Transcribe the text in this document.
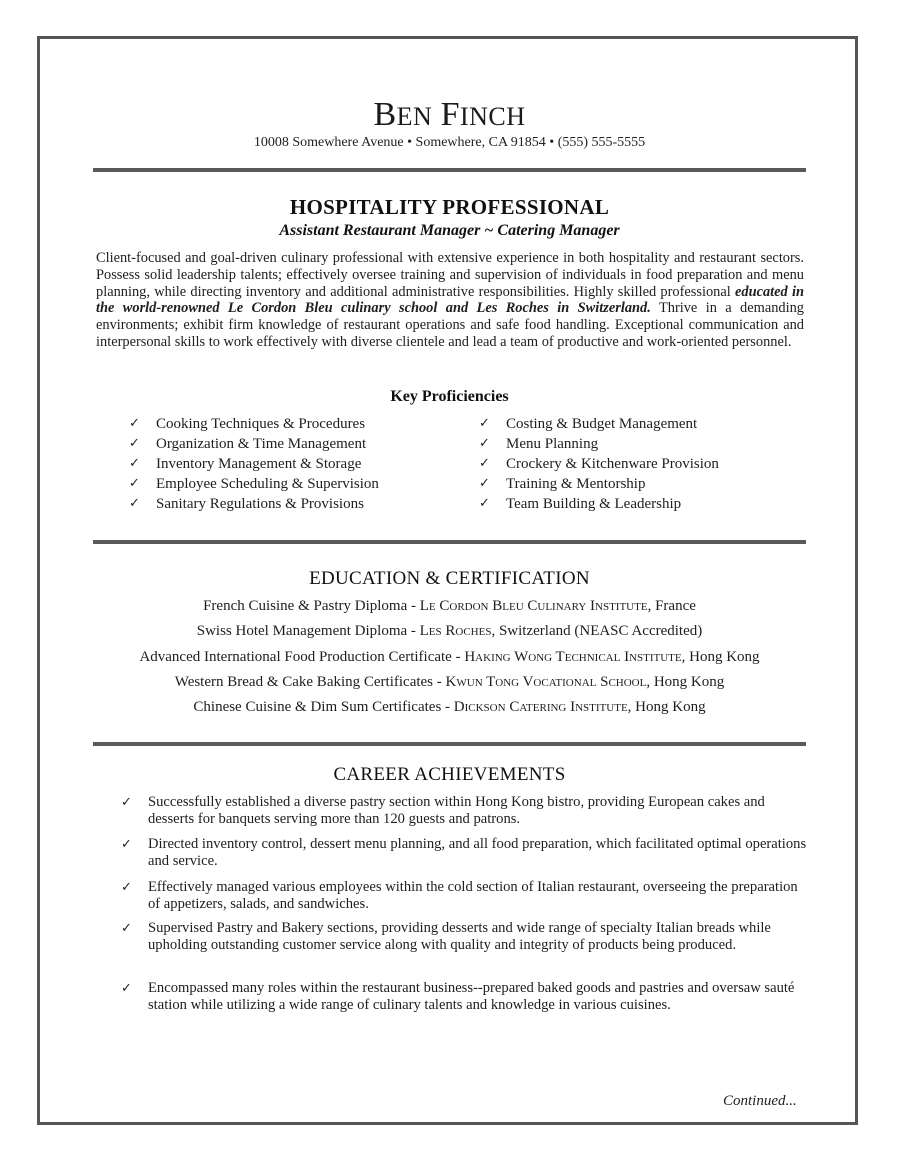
BEN FINCH
10008 Somewhere Avenue • Somewhere, CA 91854 • (555) 555-5555
HOSPITALITY PROFESSIONAL
Assistant Restaurant Manager ~ Catering Manager
Client-focused and goal-driven culinary professional with extensive experience in both hospitality and restaurant sectors. Possess solid leadership talents; effectively oversee training and supervision of individuals in food preparation and menu planning, while directing inventory and additional administrative responsibilities. Highly skilled professional educated in the world-renowned Le Cordon Bleu culinary school and Les Roches in Switzerland. Thrive in a demanding environments; exhibit firm knowledge of restaurant operations and safe food handling. Exceptional communication and interpersonal skills to work effectively with diverse clientele and lead a team of productive and work-oriented personnel.
Key Proficiencies
✓ Cooking Techniques & Procedures
✓ Organization & Time Management
✓ Inventory Management & Storage
✓ Employee Scheduling & Supervision
✓ Sanitary Regulations & Provisions
✓ Costing & Budget Management
✓ Menu Planning
✓ Crockery & Kitchenware Provision
✓ Training & Mentorship
✓ Team Building & Leadership
EDUCATION & CERTIFICATION
French Cuisine & Pastry Diploma - Le Cordon Bleu Culinary Institute, France
Swiss Hotel Management Diploma - Les Roches, Switzerland (NEASC Accredited)
Advanced International Food Production Certificate - Haking Wong Technical Institute, Hong Kong
Western Bread & Cake Baking Certificates - Kwun Tong Vocational School, Hong Kong
Chinese Cuisine & Dim Sum Certificates - Dickson Catering Institute, Hong Kong
CAREER ACHIEVEMENTS
✓ Successfully established a diverse pastry section within Hong Kong bistro, providing European cakes and desserts for banquets serving more than 120 guests and patrons.
✓ Directed inventory control, dessert menu planning, and all food preparation, which facilitated optimal operations and service.
✓ Effectively managed various employees within the cold section of Italian restaurant, overseeing the preparation of appetizers, salads, and sandwiches.
✓ Supervised Pastry and Bakery sections, providing desserts and wide range of specialty Italian breads while upholding outstanding customer service along with quality and integrity of products being produced.
✓ Encompassed many roles within the restaurant business--prepared baked goods and pastries and oversaw sauté station while utilizing a wide range of culinary talents and knowledge in various cuisines.
Continued...
